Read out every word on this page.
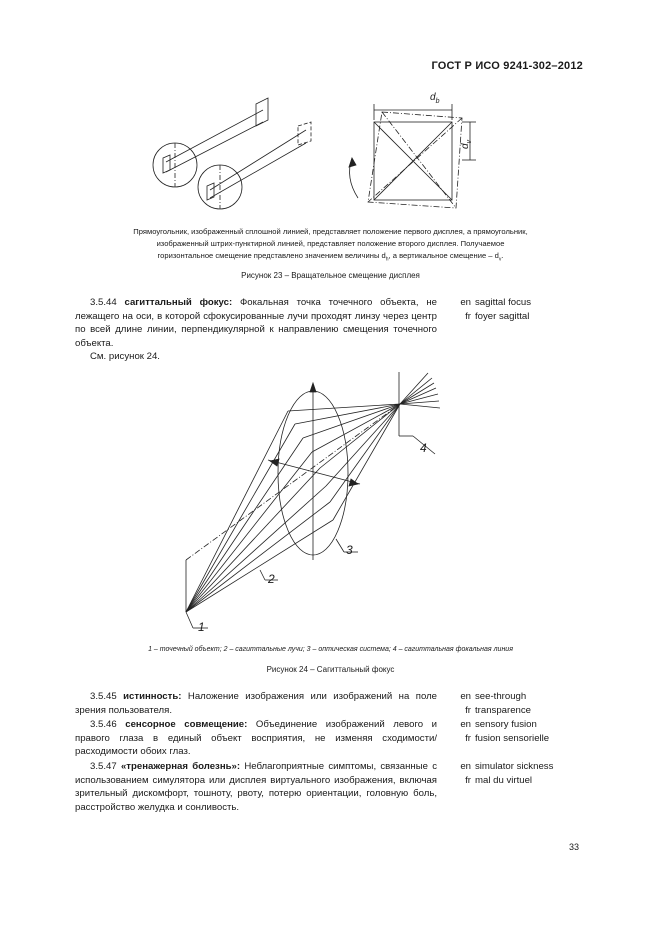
ГОСТ Р ИСО 9241-302–2012
$d_b$
$d_v$
Прямоугольник, изображенный сплошной линией, представляет положение первого дисплея, а прямоугольник,
изображенный штрих-пунктирной линией, представляет положение второго дисплея. Получаемое
горизонтальное смещение представлено значением величины $d_h$, а вертикальное смещение – $d_v$.
Рисунок 23 – Вращательное смещение дисплея
3.5.44 сагиттальный фокус: Фокальная точка точечного объекта, не лежащего на оси, в которой сфокусированные лучи проходят линзу через центр по всей длине линии, перпендикулярной к направлению смещения точечного объекта.
См. рисунок 24.
en sagittal focus
fr foyer sagittal
1
2
3
4
1 – точечный объект; 2 – сагиттальные лучи; 3 – оптическая система; 4 – сагиттальная фокальная линия
Рисунок 24 – Сагиттальный фокус
3.5.45 истинность: Наложение изображения или изображений на поле зрения пользователя.
en see-through
fr transparence
3.5.46 сенсорное совмещение: Объединение изображений левого и правого глаза в единый объект восприятия, не изменяя сходимости/расходимости обоих глаз.
en sensory fusion
fr fusion sensorielle
3.5.47 «тренажерная болезнь»: Неблагоприятные симптомы, связанные с использованием симулятора или дисплея виртуального изображения, включая зрительный дискомфорт, тошноту, рвоту, потерю ориентации, головную боль, расстройство желудка и сонливость.
en simulator sickness
fr mal du virtuel
33
